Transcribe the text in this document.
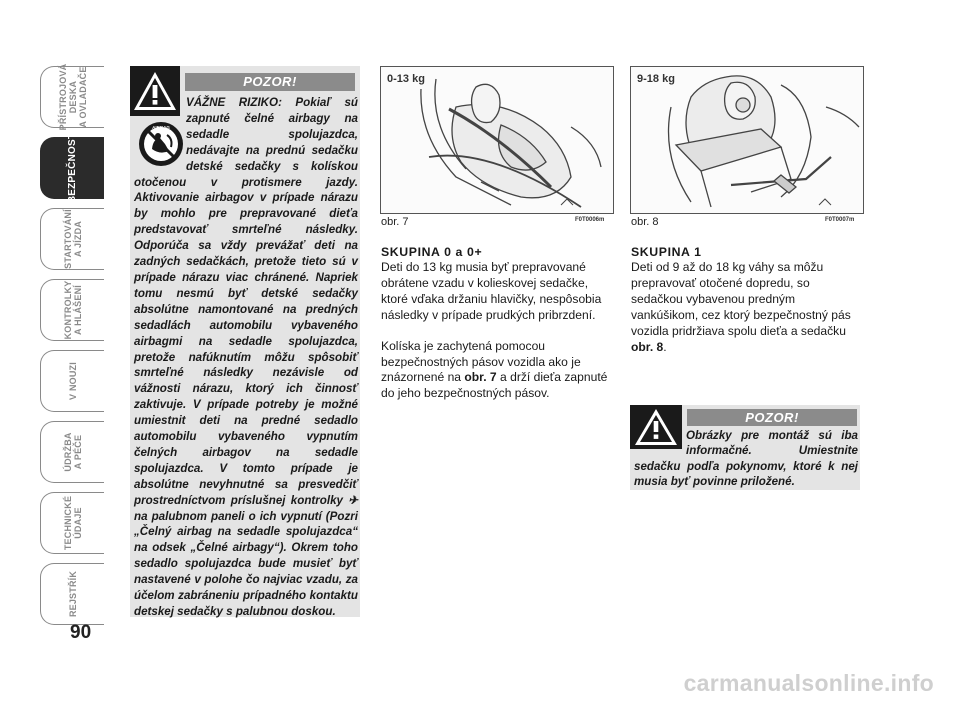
PŘÍSTROJOVÁ
DESKA
A OVLADAČE
BEZPEČNOST
STARTOVÁNÍ
A JÍZDA
KONTROLKY
A HLÁŠENÍ
V NOUZI
ÚDRŽBA
A PÉČE
TECHNICKÉ
ÚDAJE
REJSTŘÍK
90
POZOR!
AIRBAG
VÁŽNE RIZIKO: Pokiaľ sú zapnuté čelné airbagy na sedadle spolujazdca, nedávajte na prednú sedačku detské sedačky s kolískou otočenou v protismere jazdy. Aktivovanie airbagov v prípade nárazu by mohlo pre prepravované dieťa predstavovať smrteľné následky. Odporúča sa vždy prevážať deti na zadných sedačkách, pretože tieto sú v prípade nárazu viac chránené. Napriek tomu nesmú byť detské sedačky absolútne namontované na predných sedadlách automobilu vybaveného airbagmi na sedadle spolujazdca, pretože nafúknutím môžu spôsobiť smrteľné následky nezávisle od vážnosti nárazu, ktorý ich činnosť zaktivuje. V prípade potreby je možné umiestnit deti na predné sedadlo automobilu vybaveného vypnutím čelných airbagov na sedadle spolujazdca. V tomto prípade je absolútne nevyhnutné sa presvedčiť prostredníctvom príslušnej kontrolky ✈ na palubnom paneli o ich vypnutí (Pozri „Čelný airbag na sedadle spolujazdca“ na odsek „Čelné airbagy“). Okrem toho sedadlo spolujazdca bude musieť byť nastavené v polohe čo najviac vzadu, za účelom zabráneniu prípadného kontaktu detskej sedačky s palubnou doskou.
0-13 kg
obr. 7	F0T0006m
9-18 kg
obr. 8	F0T0007m
SKUPINA 0 a 0+

Deti do 13 kg musia byť prepravované obrátene vzadu v kolieskovej sedačke, ktoré vďaka držaniu hlavičky, nespôsobia následky v prípade prudkých pribrzdení.

Kolíska je zachytená pomocou bezpečnostných pásov vozidla ako je znázornené na obr. 7 a drží dieťa zapnuté do jeho bezpečnostných pásov.

SKUPINA 1

Deti od 9 až do 18 kg váhy sa môžu prepravovať otočené dopredu, so sedačkou vybavenou predným vankúšikom, cez ktorý bezpečnostný pás vozidla pridržiava spolu dieťa a sedačku obr. 8.

POZOR!
Obrázky pre montáž sú iba informačné. Umiestnite sedačku podľa pokynomv, ktoré k nej musia byť povinne priložené.
carmanualsonline.info
